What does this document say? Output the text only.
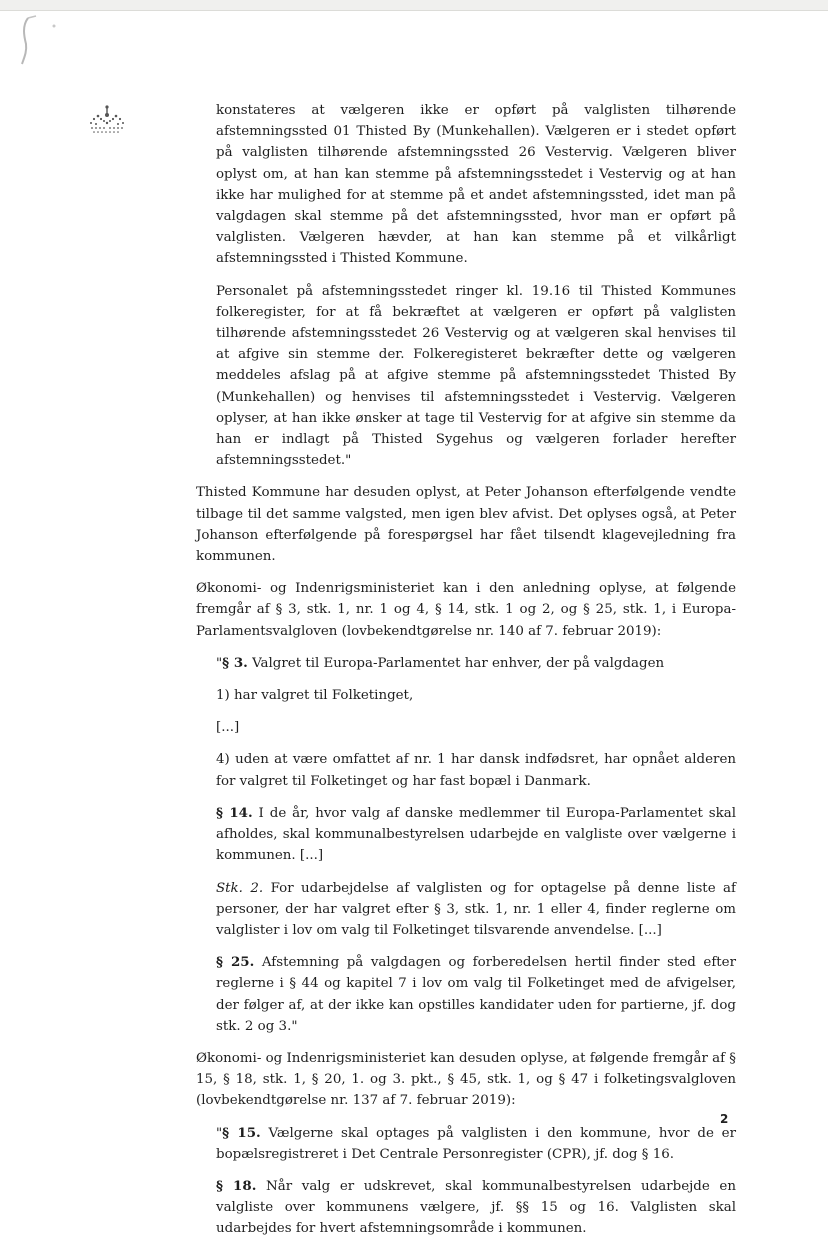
konstateres at vælgeren ikke er opført på valglisten tilhørende afstemningssted 01 Thisted By (Munkehallen). Vælgeren er i stedet opført på valglisten tilhørende afstemningssted 26 Vestervig. Vælgeren bliver oplyst om, at han kan stemme på afstemningsstedet i Vestervig og at han ikke har mulighed for at stemme på et andet afstemningssted, idet man på valgdagen skal stemme på det afstemningssted, hvor man er opført på valglisten. Vælgeren hævder, at han kan stemme på et vilkårligt afstemningssted i Thisted Kommune.

Personalet på afstemningsstedet ringer kl. 19.16 til Thisted Kommunes folkeregister, for at få bekræftet at vælgeren er opført på valglisten tilhørende afstemningsstedet 26 Vestervig og at vælgeren skal henvises til at afgive sin stemme der. Folkeregisteret bekræfter dette og vælgeren meddeles afslag på at afgive stemme på afstemningsstedet Thisted By (Munkehallen) og henvises til afstemningsstedet i Vestervig. Vælgeren oplyser, at han ikke ønsker at tage til Vestervig for at afgive sin stemme da han er indlagt på Thisted Sygehus og vælgeren forlader herefter afstemningsstedet."

Thisted Kommune har desuden oplyst, at Peter Johanson efterfølgende vendte tilbage til det samme valgsted, men igen blev afvist. Det oplyses også, at Peter Johanson efterfølgende på forespørgsel har fået tilsendt klagevejledning fra kommunen.

Økonomi- og Indenrigsministeriet kan i den anledning oplyse, at følgende fremgår af § 3, stk. 1, nr. 1 og 4, § 14, stk. 1 og 2, og § 25, stk. 1, i Europa-Parlamentsvalgloven (lovbekendtgørelse nr. 140 af 7. februar 2019):

"§ 3. Valgret til Europa-Parlamentet har enhver, der på valgdagen

1) har valgret til Folketinget,

[...]

4) uden at være omfattet af nr. 1 har dansk indfødsret, har opnået alderen for valgret til Folketinget og har fast bopæl i Danmark.

§ 14. I de år, hvor valg af danske medlemmer til Europa-Parlamentet skal afholdes, skal kommunalbestyrelsen udarbejde en valgliste over vælgerne i kommunen. [...]

Stk. 2. For udarbejdelse af valglisten og for optagelse på denne liste af personer, der har valgret efter § 3, stk. 1, nr. 1 eller 4, finder reglerne om valglister i lov om valg til Folketinget tilsvarende anvendelse. [...]

§ 25. Afstemning på valgdagen og forberedelsen hertil finder sted efter reglerne i § 44 og kapitel 7 i lov om valg til Folketinget med de afvigelser, der følger af, at der ikke kan opstilles kandidater uden for partierne, jf. dog stk. 2 og 3."

Økonomi- og Indenrigsministeriet kan desuden oplyse, at følgende fremgår af § 15, § 18, stk. 1, § 20, 1. og 3. pkt., § 45, stk. 1, og § 47 i folketingsvalgloven (lovbekendtgørelse nr. 137 af 7. februar 2019):

"§ 15. Vælgerne skal optages på valglisten i den kommune, hvor de er bopælsregistreret i Det Centrale Personregister (CPR), jf. dog § 16.

§ 18. Når valg er udskrevet, skal kommunalbestyrelsen udarbejde en valgliste over kommunens vælgere, jf. §§ 15 og 16. Valglisten skal udarbejdes for hvert afstemningsområde i kommunen.

2
